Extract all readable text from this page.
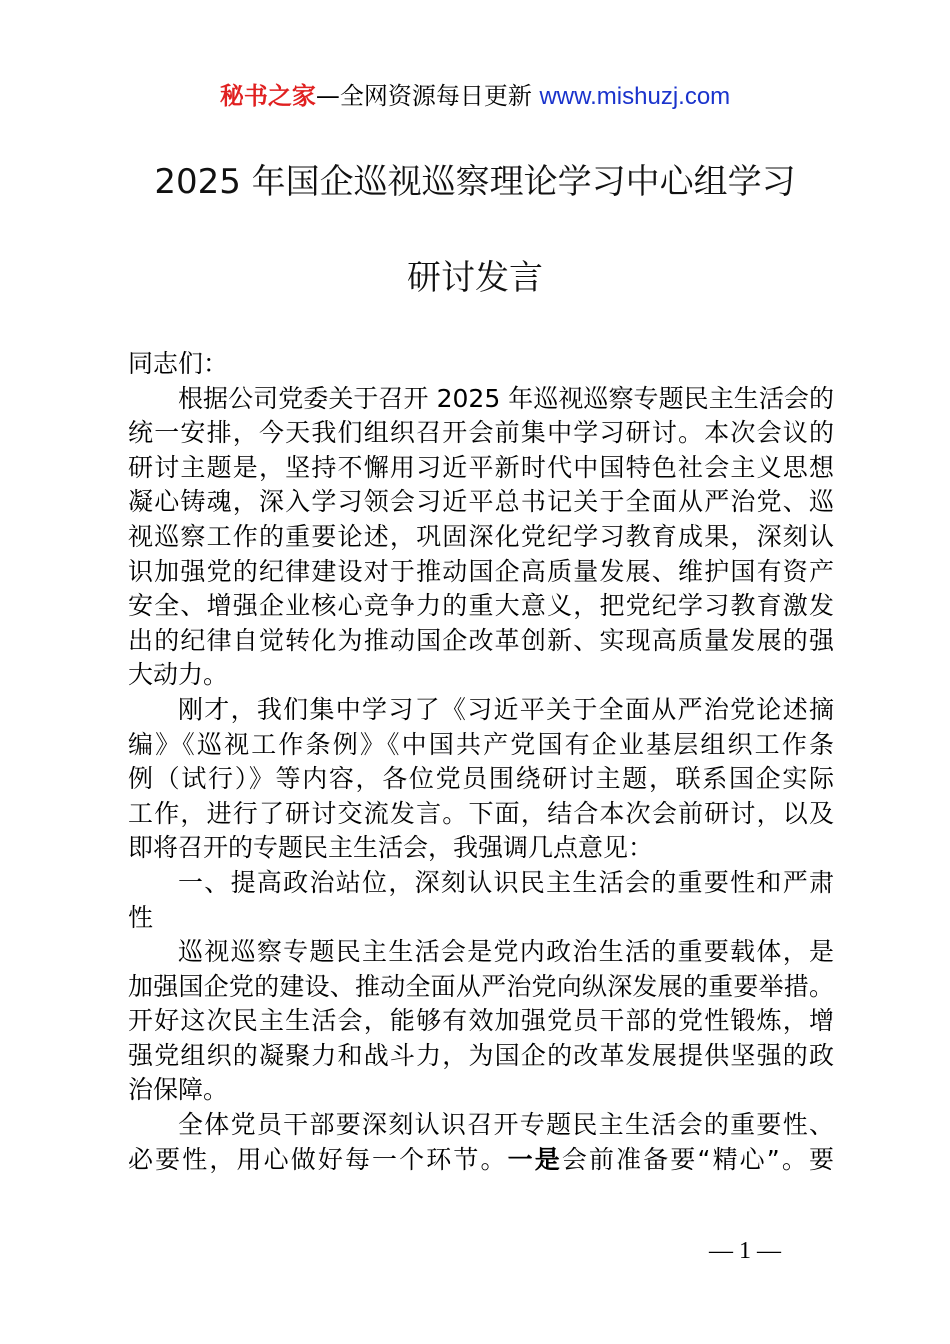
秘书之家—全网资源每日更新 www.mishuzj.com
2025 年国企巡视巡察理论学习中心组学习
研讨发言
同志们：
根据公司党委关于召开 2025 年巡视巡察专题民主生活会的
统一安排，今天我们组织召开会前集中学习研讨。本次会议的
研讨主题是，坚持不懈用习近平新时代中国特色社会主义思想
凝心铸魂，深入学习领会习近平总书记关于全面从严治党、巡
视巡察工作的重要论述，巩固深化党纪学习教育成果，深刻认
识加强党的纪律建设对于推动国企高质量发展、维护国有资产
安全、增强企业核心竞争力的重大意义，把党纪学习教育激发
出的纪律自觉转化为推动国企改革创新、实现高质量发展的强
大动力。
刚才，我们集中学习了《习近平关于全面从严治党论述摘
编》《巡视工作条例》《中国共产党国有企业基层组织工作条
例（试行）》等内容，各位党员围绕研讨主题，联系国企实际
工作，进行了研讨交流发言。下面，结合本次会前研讨，以及
即将召开的专题民主生活会，我强调几点意见：
一、提高政治站位，深刻认识民主生活会的重要性和严肃
性
巡视巡察专题民主生活会是党内政治生活的重要载体，是
加强国企党的建设、推动全面从严治党向纵深发展的重要举措。
开好这次民主生活会，能够有效加强党员干部的党性锻炼，增
强党组织的凝聚力和战斗力，为国企的改革发展提供坚强的政
治保障。
全体党员干部要深刻认识召开专题民主生活会的重要性、
必要性，用心做好每一个环节。一是会前准备要“精心”。要
— 1 —
